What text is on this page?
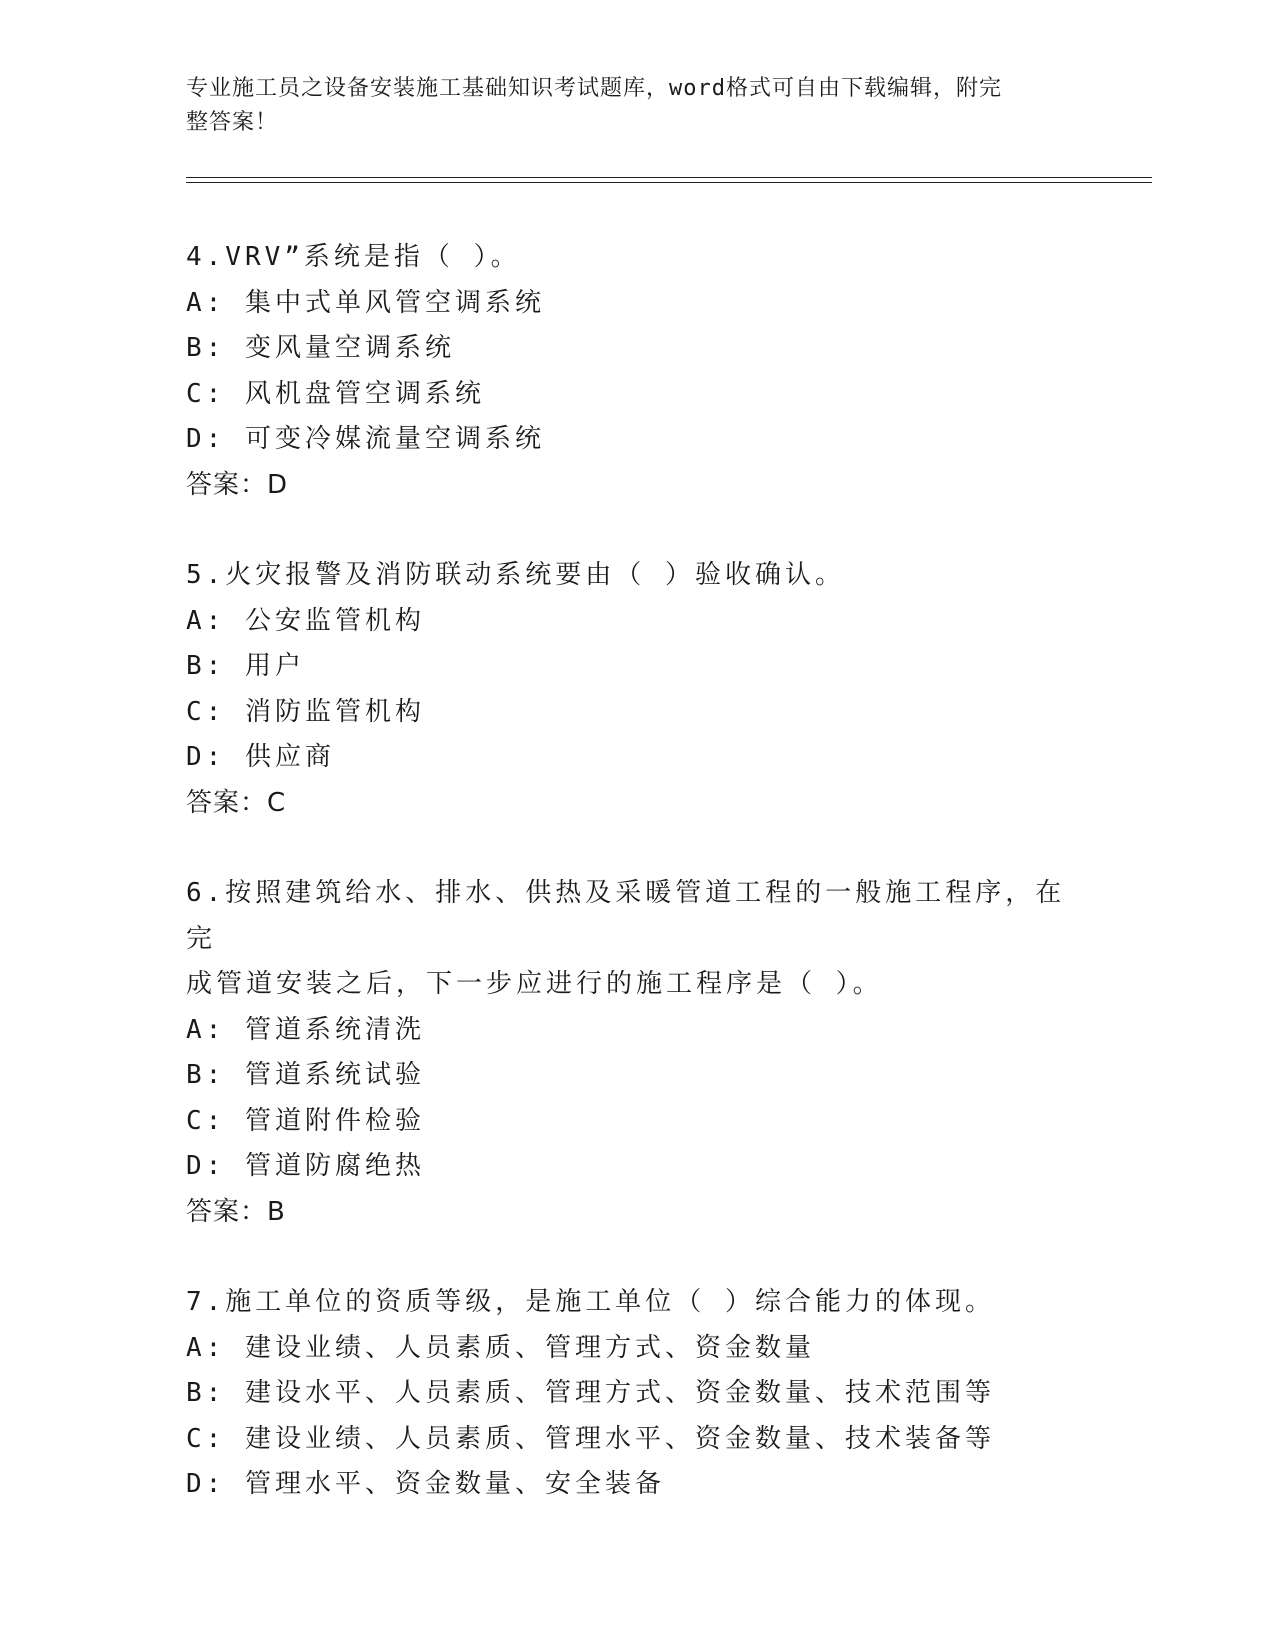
专业施工员之设备安装施工基础知识考试题库，word格式可自由下载编辑，附完
整答案！
4.VRV”系统是指（ ）。
A: 集中式单风管空调系统
B: 变风量空调系统
C: 风机盘管空调系统
D: 可变冷媒流量空调系统
答案：D
5.火灾报警及消防联动系统要由（ ）验收确认。
A: 公安监管机构
B: 用户
C: 消防监管机构
D: 供应商
答案：C
6.按照建筑给水、排水、供热及采暖管道工程的一般施工程序，在完
成管道安装之后，下一步应进行的施工程序是（ ）。
A: 管道系统清洗
B: 管道系统试验
C: 管道附件检验
D: 管道防腐绝热
答案：B
7.施工单位的资质等级，是施工单位（ ）综合能力的体现。
A: 建设业绩、人员素质、管理方式、资金数量
B: 建设水平、人员素质、管理方式、资金数量、技术范围等
C: 建设业绩、人员素质、管理水平、资金数量、技术装备等
D: 管理水平、资金数量、安全装备
